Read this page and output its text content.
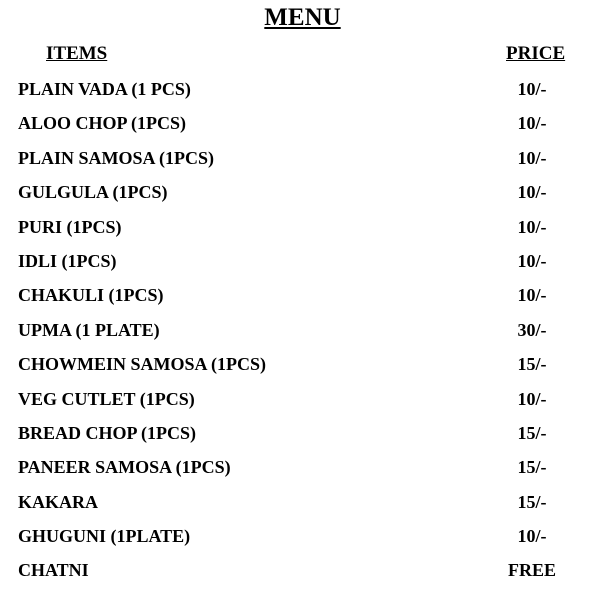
MENU
ITEMS	PRICE
PLAIN VADA (1 PCS)	10/-
ALOO CHOP (1PCS)	10/-
PLAIN SAMOSA (1PCS)	10/-
GULGULA (1PCS)	10/-
PURI (1PCS)	10/-
IDLI (1PCS)	10/-
CHAKULI (1PCS)	10/-
UPMA (1 PLATE)	30/-
CHOWMEIN SAMOSA (1PCS)	15/-
VEG CUTLET (1PCS)	10/-
BREAD CHOP (1PCS)	15/-
PANEER SAMOSA (1PCS)	15/-
KAKARA	15/-
GHUGUNI (1PLATE)	10/-
CHATNI	FREE
